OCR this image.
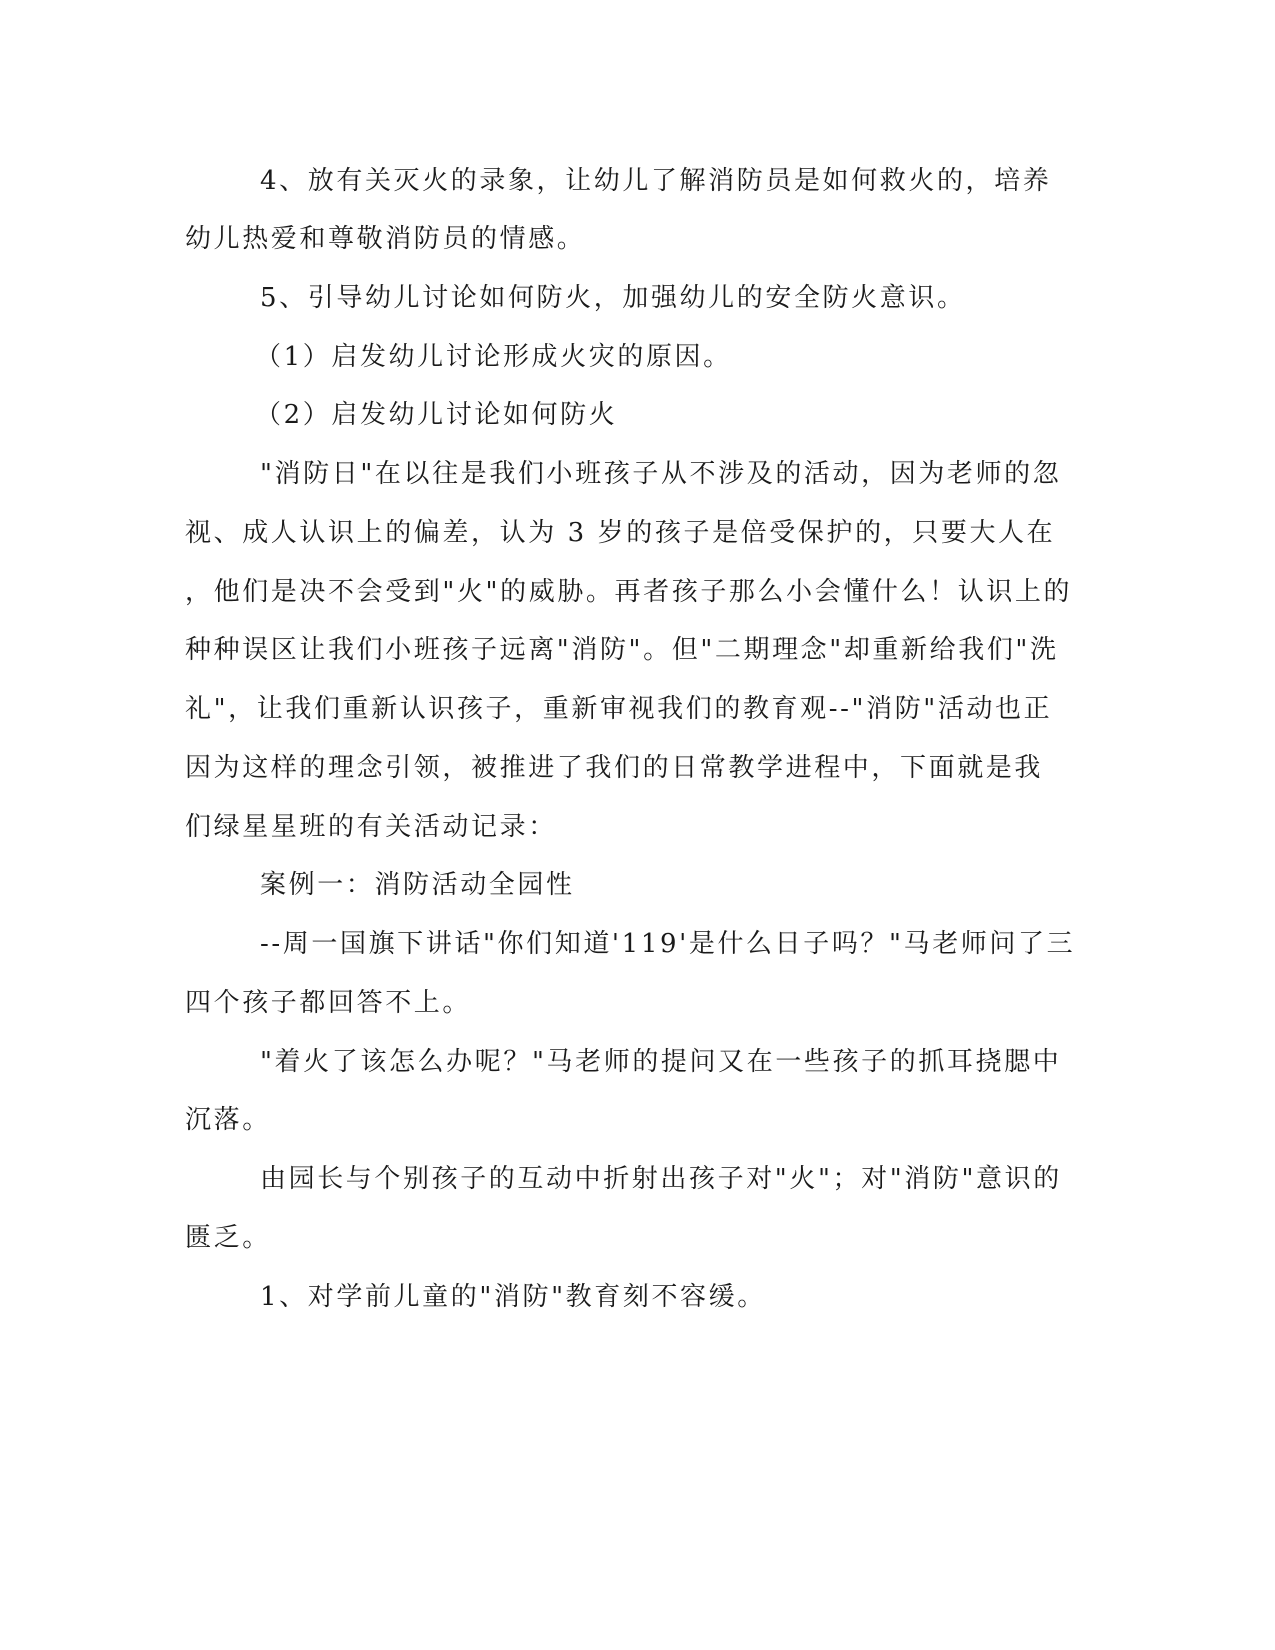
4、放有关灭火的录象，让幼儿了解消防员是如何救火的，培养
幼儿热爱和尊敬消防员的情感。
5、引导幼儿讨论如何防火，加强幼儿的安全防火意识。
（1）启发幼儿讨论形成火灾的原因。
（2）启发幼儿讨论如何防火
"消防日"在以往是我们小班孩子从不涉及的活动，因为老师的忽
视、成人认识上的偏差，认为 3 岁的孩子是倍受保护的，只要大人在
，他们是决不会受到"火"的威胁。再者孩子那么小会懂什么！认识上的
种种误区让我们小班孩子远离"消防"。但"二期理念"却重新给我们"洗
礼"，让我们重新认识孩子，重新审视我们的教育观--"消防"活动也正
因为这样的理念引领，被推进了我们的日常教学进程中，下面就是我
们绿星星班的有关活动记录：
案例一：消防活动全园性
--周一国旗下讲话"你们知道'119'是什么日子吗？"马老师问了三
四个孩子都回答不上。
"着火了该怎么办呢？"马老师的提问又在一些孩子的抓耳挠腮中
沉落。
由园长与个别孩子的互动中折射出孩子对"火"；对"消防"意识的
匮乏。
1、对学前儿童的"消防"教育刻不容缓。
